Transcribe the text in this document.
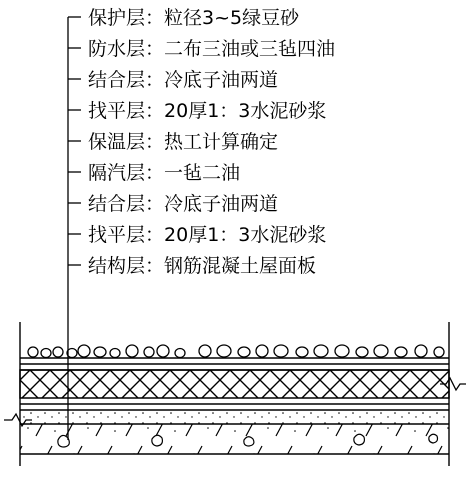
保护层：粒径3~5绿豆砂
防水层：二布三油或三毡四油
结合层：冷底子油两道
找平层：20厚1：3水泥砂浆
保温层：热工计算确定
隔汽层：一毡二油
结合层：冷底子油两道
找平层：20厚1：3水泥砂浆
结构层：钢筋混凝土屋面板
